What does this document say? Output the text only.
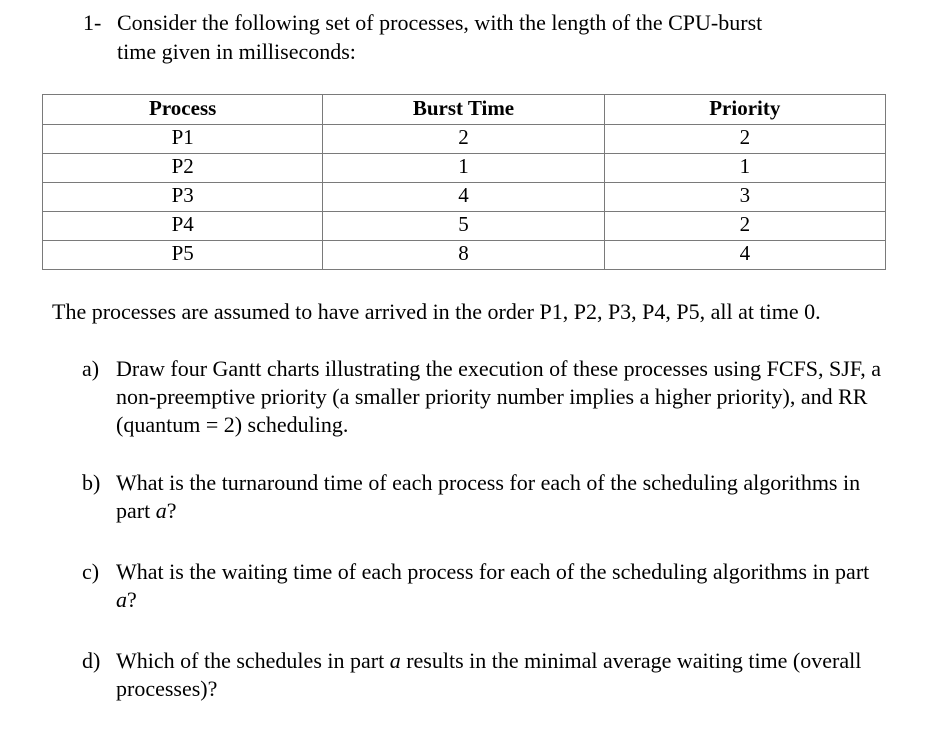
1- Consider the following set of processes, with the length of the CPU-burst
time given in milliseconds:
Process	Burst Time	Priority
P1	2	2
P2	1	1
P3	4	3
P4	5	2
P5	8	4
The processes are assumed to have arrived in the order P1, P2, P3, P4, P5, all at time 0.
a) Draw four Gantt charts illustrating the execution of these processes using FCFS, SJF, a non-preemptive priority (a smaller priority number implies a higher priority), and RR (quantum = 2) scheduling.
b) What is the turnaround time of each process for each of the scheduling algorithms in part a?
c) What is the waiting time of each process for each of the scheduling algorithms in part a?
d) Which of the schedules in part a results in the minimal average waiting time (overall processes)?
